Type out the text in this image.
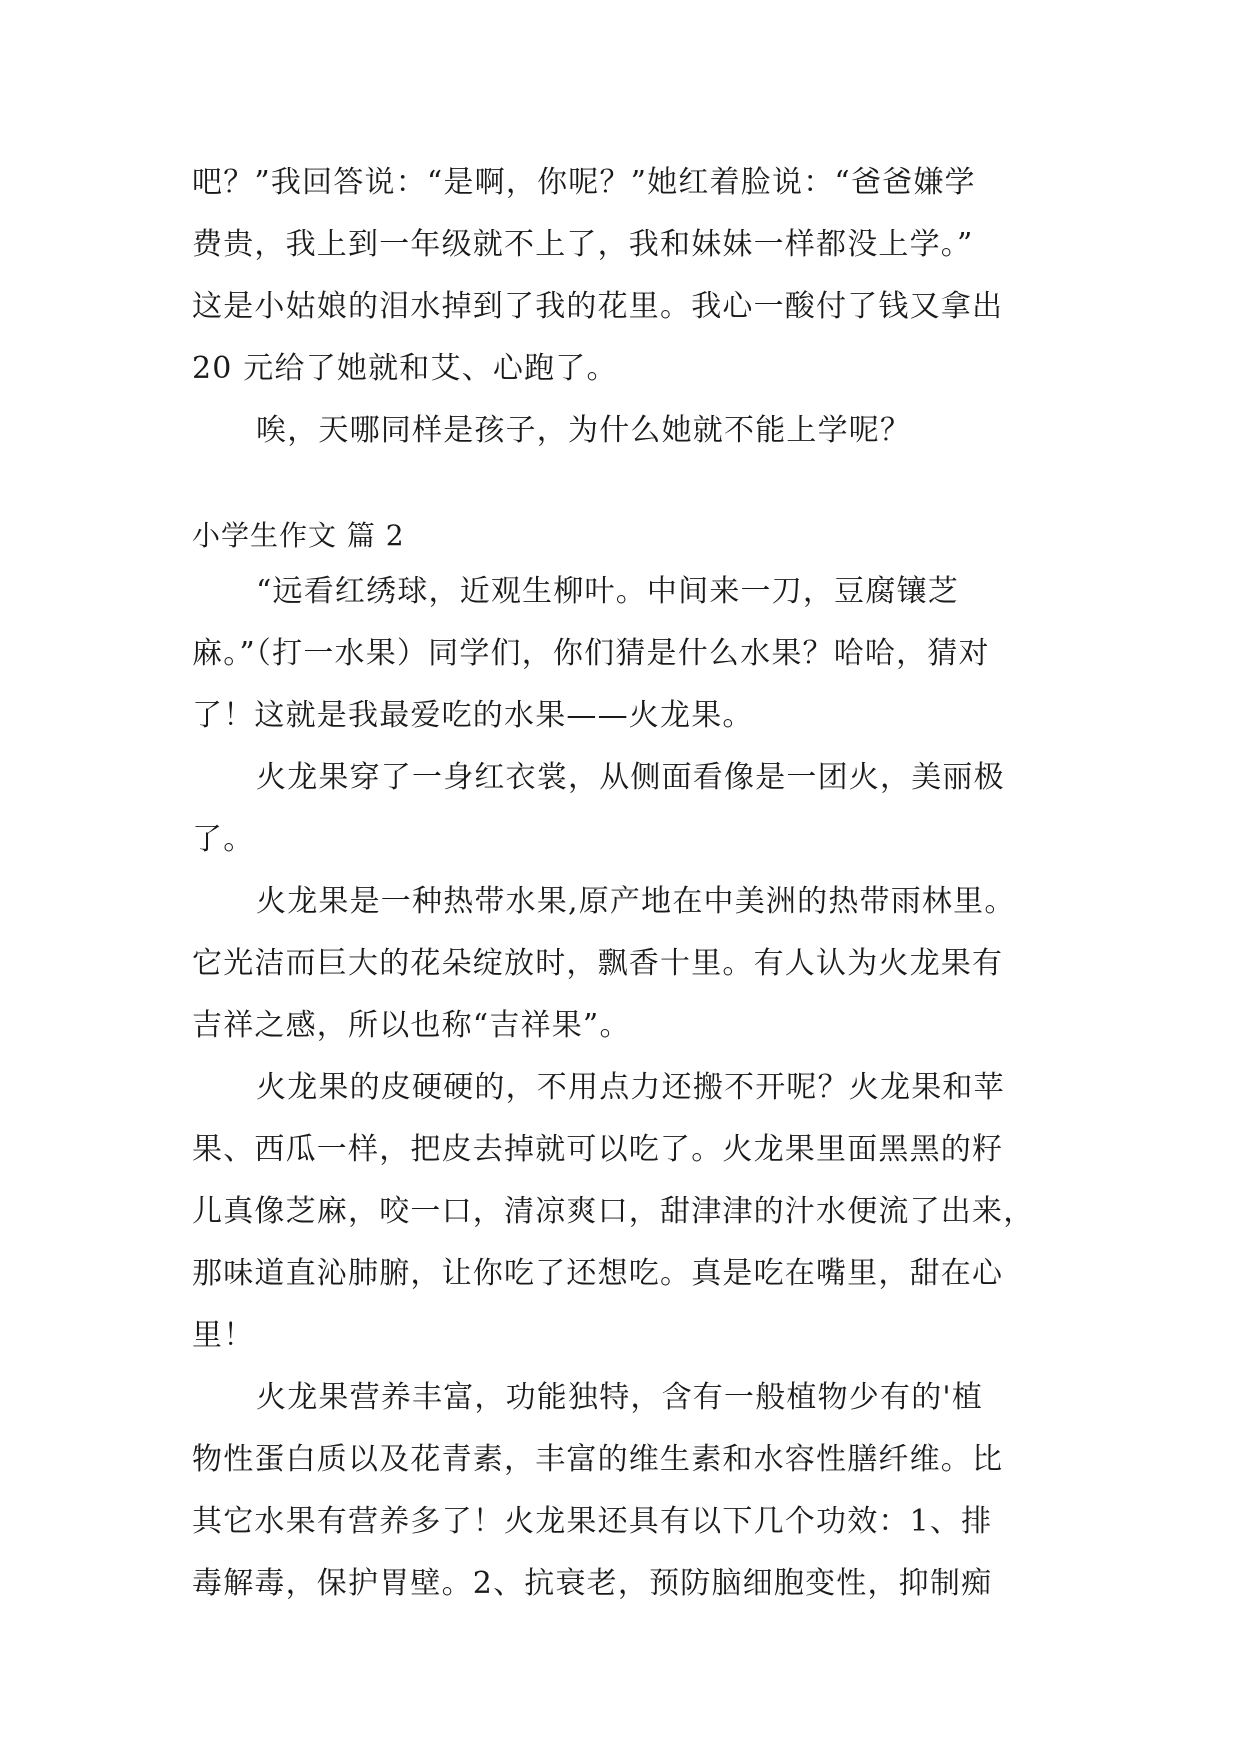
吧？”我回答说：“是啊，你呢？”她红着脸说：“爸爸嫌学
费贵，我上到一年级就不上了，我和妹妹一样都没上学。”
这是小姑娘的泪水掉到了我的花里。我心一酸付了钱又拿出
20 元给了她就和艾、心跑了。
唉，天哪同样是孩子，为什么她就不能上学呢？
小学生作文 篇 2
“远看红绣球，近观生柳叶。中间来一刀，豆腐镶芝
麻。”（打一水果）同学们，你们猜是什么水果？哈哈，猜对
了！这就是我最爱吃的水果——火龙果。
火龙果穿了一身红衣裳，从侧面看像是一团火，美丽极
了。
火龙果是一种热带水果,原产地在中美洲的热带雨林里。
它光洁而巨大的花朵绽放时，飘香十里。有人认为火龙果有
吉祥之感，所以也称“吉祥果”。
火龙果的皮硬硬的，不用点力还搬不开呢？火龙果和苹
果、西瓜一样，把皮去掉就可以吃了。火龙果里面黑黑的籽
儿真像芝麻，咬一口，清凉爽口，甜津津的汁水便流了出来，
那味道直沁肺腑，让你吃了还想吃。真是吃在嘴里，甜在心
里！
火龙果营养丰富，功能独特，含有一般植物少有的'植
物性蛋白质以及花青素，丰富的维生素和水容性膳纤维。比
其它水果有营养多了！火龙果还具有以下几个功效：1、排
毒解毒，保护胃壁。2、抗衰老，预防脑细胞变性，抑制痴
